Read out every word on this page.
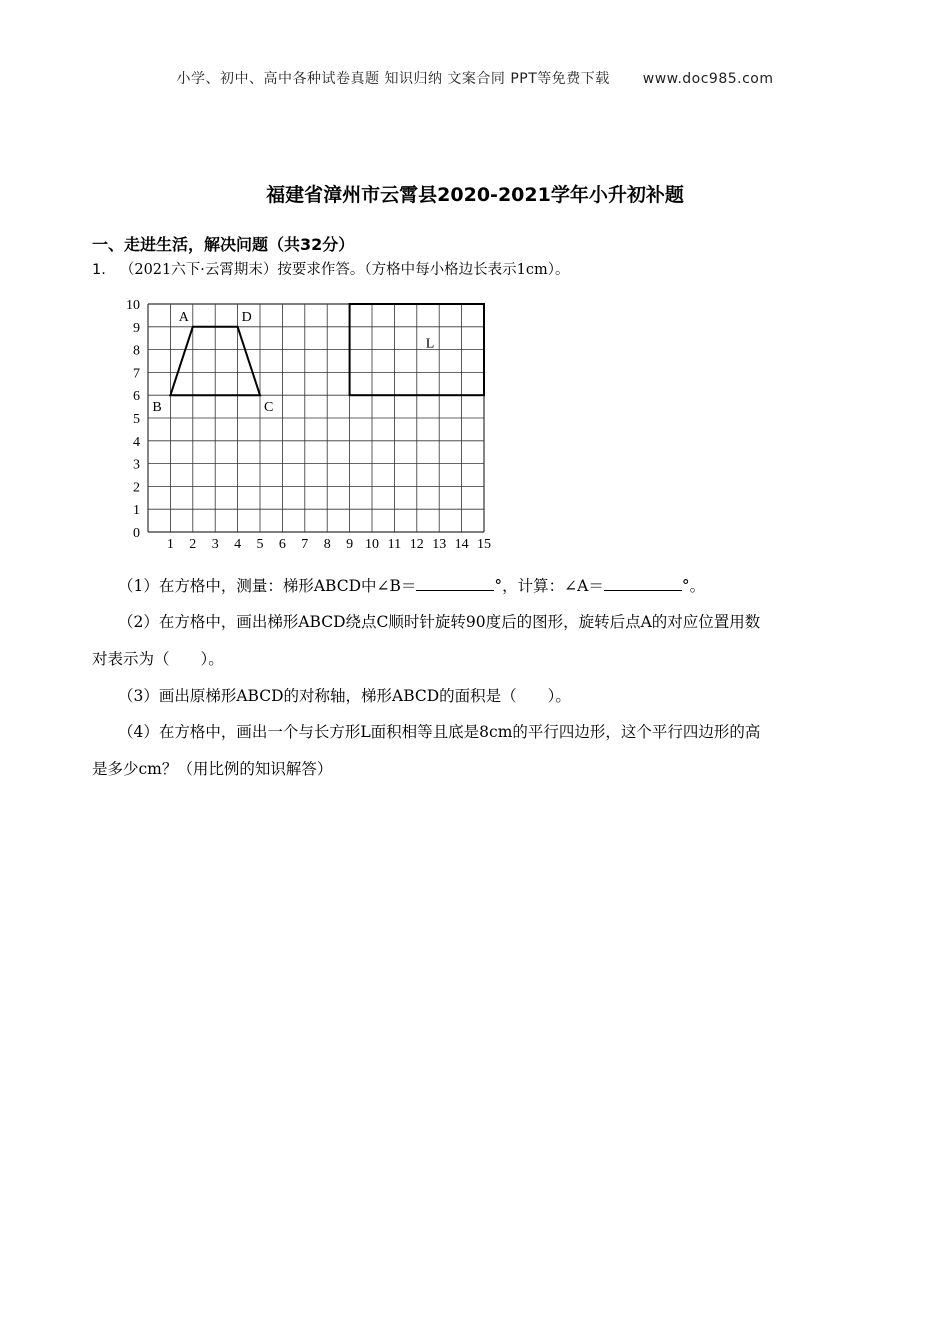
小学、初中、高中各种试卷真题 知识归纳 文案合同 PPT等免费下载 www.doc985.com
福建省漳州市云霄县2020-2021学年小升初补题
一、走进生活，解决问题（共32分）
1. （2021六下·云霄期末）按要求作答。（方格中每小格边长表示1cm）。
1 2 3 4 5 6 7 8 9 10 11 12 13 14 15
10
9
8
7
6
5
4
3
2
1
0
A	D
C
B
L
（1）在方格中，测量：梯形ABCD中∠B＝	°，计算：∠A＝	°。
（2）在方格中，画出梯形ABCD绕点C顺时针旋转90度后的图形，旋转后点A的对应位置用数
对表示为（　　）。
（3）画出原梯形ABCD的对称轴，梯形ABCD的面积是（　　）。
（4）在方格中，画出一个与长方形L面积相等且底是8cm的平行四边形，这个平行四边形的高
是多少cm？（用比例的知识解答）
